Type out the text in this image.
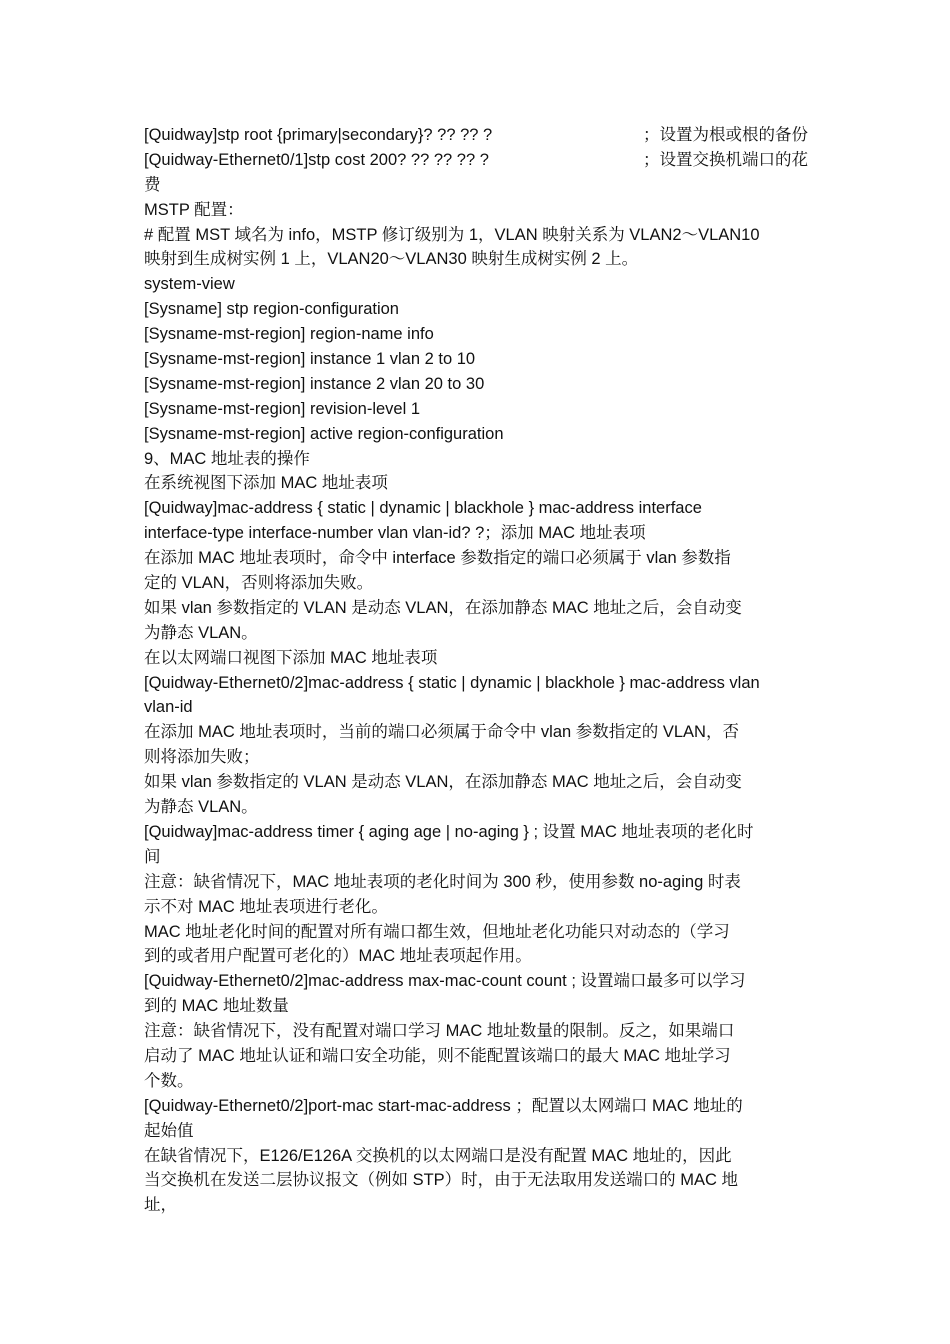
[Quidway]stp root {primary|secondary}? ?? ?? ?	；设置为根或根的备份
[Quidway-Ethernet0/1]stp cost 200? ?? ?? ?? ?	；设置交换机端口的花
费
MSTP 配置：
# 配置 MST 域名为 info，MSTP 修订级别为 1，VLAN 映射关系为 VLAN2～VLAN10
映射到生成树实例 1 上，VLAN20～VLAN30 映射生成树实例 2 上。
system-view
[Sysname] stp region-configuration
[Sysname-mst-region] region-name info
[Sysname-mst-region] instance 1 vlan 2 to 10
[Sysname-mst-region] instance 2 vlan 20 to 30
[Sysname-mst-region] revision-level 1
[Sysname-mst-region] active region-configuration
9、MAC 地址表的操作
在系统视图下添加 MAC 地址表项
[Quidway]mac-address { static | dynamic | blackhole } mac-address interface
interface-type interface-number vlan vlan-id? ?；添加 MAC 地址表项
在添加 MAC 地址表项时，命令中 interface 参数指定的端口必须属于 vlan 参数指
定的 VLAN，否则将添加失败。
如果 vlan 参数指定的 VLAN 是动态 VLAN，在添加静态 MAC 地址之后，会自动变
为静态 VLAN。
在以太网端口视图下添加 MAC 地址表项
[Quidway-Ethernet0/2]mac-address { static | dynamic | blackhole } mac-address vlan
vlan-id
在添加 MAC 地址表项时，当前的端口必须属于命令中 vlan 参数指定的 VLAN，否
则将添加失败；
如果 vlan 参数指定的 VLAN 是动态 VLAN，在添加静态 MAC 地址之后，会自动变
为静态 VLAN。
[Quidway]mac-address timer { aging age | no-aging } ; 设置 MAC 地址表项的老化时
间
注意：缺省情况下，MAC 地址表项的老化时间为 300 秒，使用参数 no-aging 时表
示不对 MAC 地址表项进行老化。
MAC 地址老化时间的配置对所有端口都生效，但地址老化功能只对动态的（学习
到的或者用户配置可老化的）MAC 地址表项起作用。
[Quidway-Ethernet0/2]mac-address max-mac-count count ; 设置端口最多可以学习
到的 MAC 地址数量
注意：缺省情况下，没有配置对端口学习 MAC 地址数量的限制。反之，如果端口
启动了 MAC 地址认证和端口安全功能，则不能配置该端口的最大 MAC 地址学习
个数。
[Quidway-Ethernet0/2]port-mac start-mac-address ；配置以太网端口 MAC 地址的
起始值
在缺省情况下，E126/E126A 交换机的以太网端口是没有配置 MAC 地址的，因此
当交换机在发送二层协议报文（例如 STP）时，由于无法取用发送端口的 MAC 地
址，
